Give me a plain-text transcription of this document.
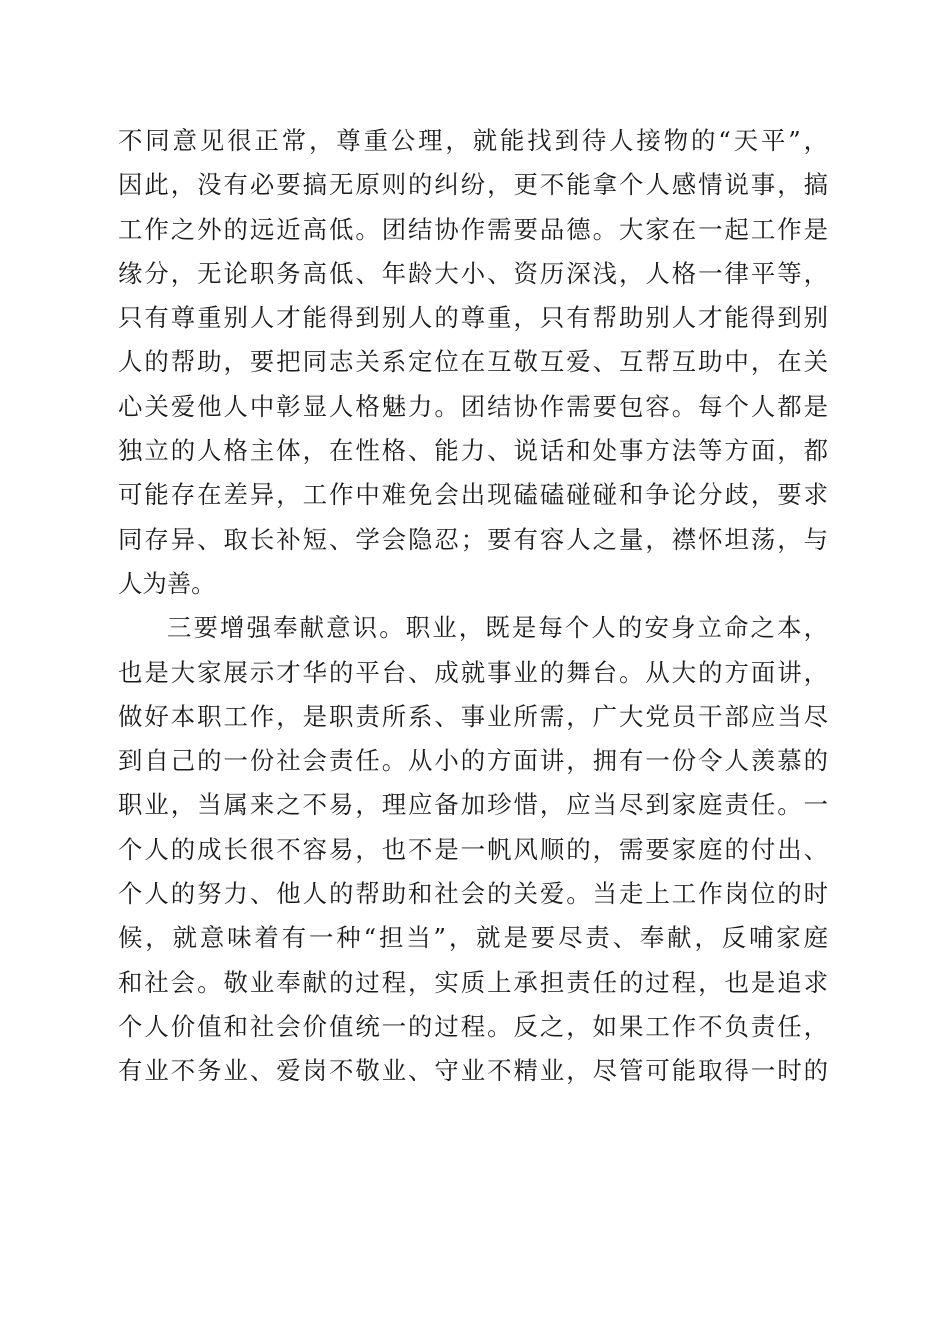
不同意见很正常，尊重公理，就能找到待人接物的“天平”，
因此，没有必要搞无原则的纠纷，更不能拿个人感情说事，搞
工作之外的远近高低。团结协作需要品德。大家在一起工作是
缘分，无论职务高低、年龄大小、资历深浅，人格一律平等，
只有尊重别人才能得到别人的尊重，只有帮助别人才能得到别
人的帮助，要把同志关系定位在互敬互爱、互帮互助中，在关
心关爱他人中彰显人格魅力。团结协作需要包容。每个人都是
独立的人格主体，在性格、能力、说话和处事方法等方面，都
可能存在差异，工作中难免会出现磕磕碰碰和争论分歧，要求
同存异、取长补短、学会隐忍；要有容人之量，襟怀坦荡，与
人为善。
三要增强奉献意识。职业，既是每个人的安身立命之本，
也是大家展示才华的平台、成就事业的舞台。从大的方面讲，
做好本职工作，是职责所系、事业所需，广大党员干部应当尽
到自己的一份社会责任。从小的方面讲，拥有一份令人羡慕的
职业，当属来之不易，理应备加珍惜，应当尽到家庭责任。一
个人的成长很不容易，也不是一帆风顺的，需要家庭的付出、
个人的努力、他人的帮助和社会的关爱。当走上工作岗位的时
候，就意味着有一种“担当”，就是要尽责、奉献，反哺家庭
和社会。敬业奉献的过程，实质上承担责任的过程，也是追求
个人价值和社会价值统一的过程。反之，如果工作不负责任，
有业不务业、爱岗不敬业、守业不精业，尽管可能取得一时的
